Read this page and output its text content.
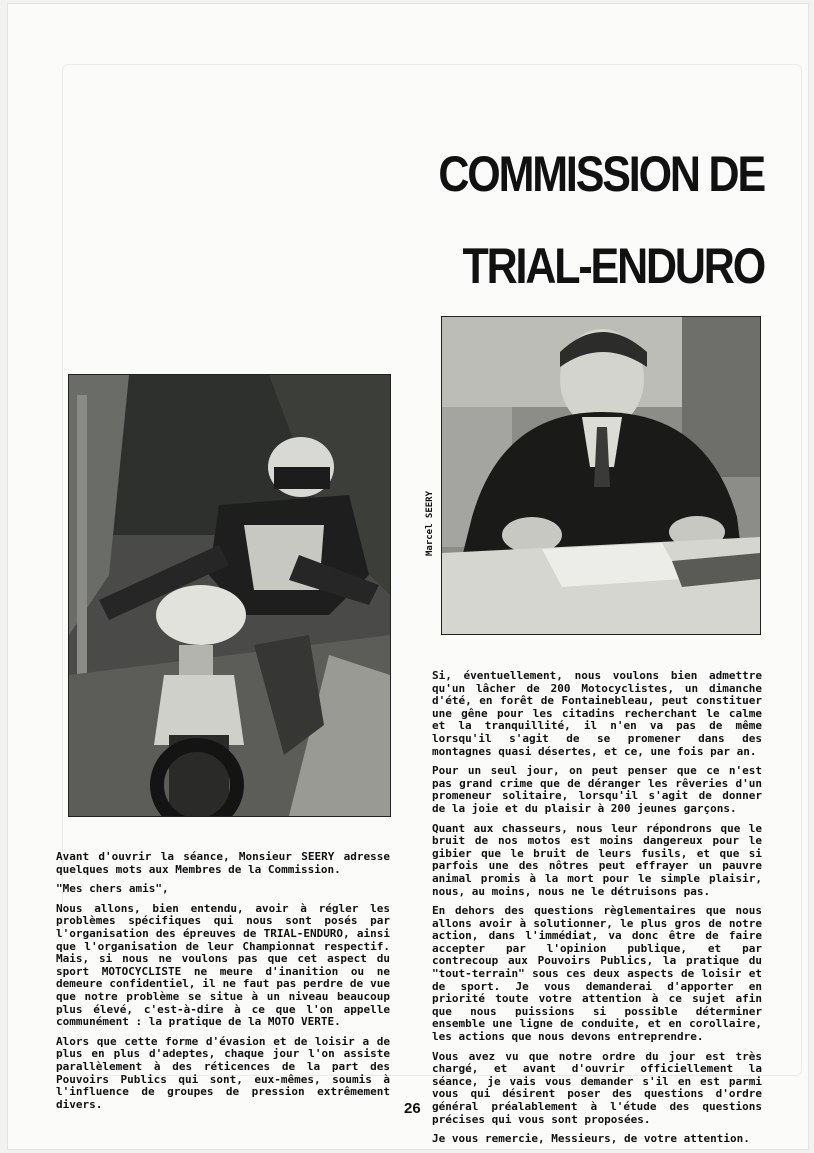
COMMISSION DE
TRIAL-ENDURO
Marcel SEERY

Avant d'ouvrir la séance, Monsieur SEERY adresse quelques mots aux Membres de la Commission.

"Mes chers amis",

Nous allons, bien entendu, avoir à régler les problèmes spécifiques qui nous sont posés par l'organisation des épreuves de TRIAL-ENDURO, ainsi que l'organisation de leur Championnat respectif. Mais, si nous ne voulons pas que cet aspect du sport MOTOCYCLISTE ne meure d'inanition ou ne demeure confidentiel, il ne faut pas perdre de vue que notre problème se situe à un niveau beaucoup plus élevé, c'est-à-dire à ce que l'on appelle communément : la pratique de la MOTO VERTE.

Alors que cette forme d'évasion et de loisir a de plus en plus d'adeptes, chaque jour l'on assiste parallèlement à des réticences de la part des Pouvoirs Publics qui sont, eux-mêmes, soumis à l'influence de groupes de pression extrêmement divers.

Si, éventuellement, nous voulons bien admettre qu'un lâcher de 200 Motocyclistes, un dimanche d'été, en forêt de Fontainebleau, peut constituer une gêne pour les citadins recherchant le calme et la tranquillité, il n'en va pas de même lorsqu'il s'agit de se promener dans des montagnes quasi désertes, et ce, une fois par an.

Pour un seul jour, on peut penser que ce n'est pas grand crime que de déranger les rêveries d'un promeneur solitaire, lorsqu'il s'agit de donner de la joie et du plaisir à 200 jeunes garçons.

Quant aux chasseurs, nous leur répondrons que le bruit de nos motos est moins dangereux pour le gibier que le bruit de leurs fusils, et que si parfois une des nôtres peut effrayer un pauvre animal promis à la mort pour le simple plaisir, nous, au moins, nous ne le détruisons pas.

En dehors des questions règlementaires que nous allons avoir à solutionner, le plus gros de notre action, dans l'immédiat, va donc être de faire accepter par l'opinion publique, et par contrecoup aux Pouvoirs Publics, la pratique du "tout-terrain" sous ces deux aspects de loisir et de sport. Je vous demanderai d'apporter en priorité toute votre attention à ce sujet afin que nous puissions si possible déterminer ensemble une ligne de conduite, et en corollaire, les actions que nous devons entreprendre.

Vous avez vu que notre ordre du jour est très chargé, et avant d'ouvrir officiellement la séance, je vais vous demander s'il en est parmi vous qui désirent poser des questions d'ordre général préalablement à l'étude des questions précises qui vous sont proposées.

Je vous remercie, Messieurs, de votre attention.

26
